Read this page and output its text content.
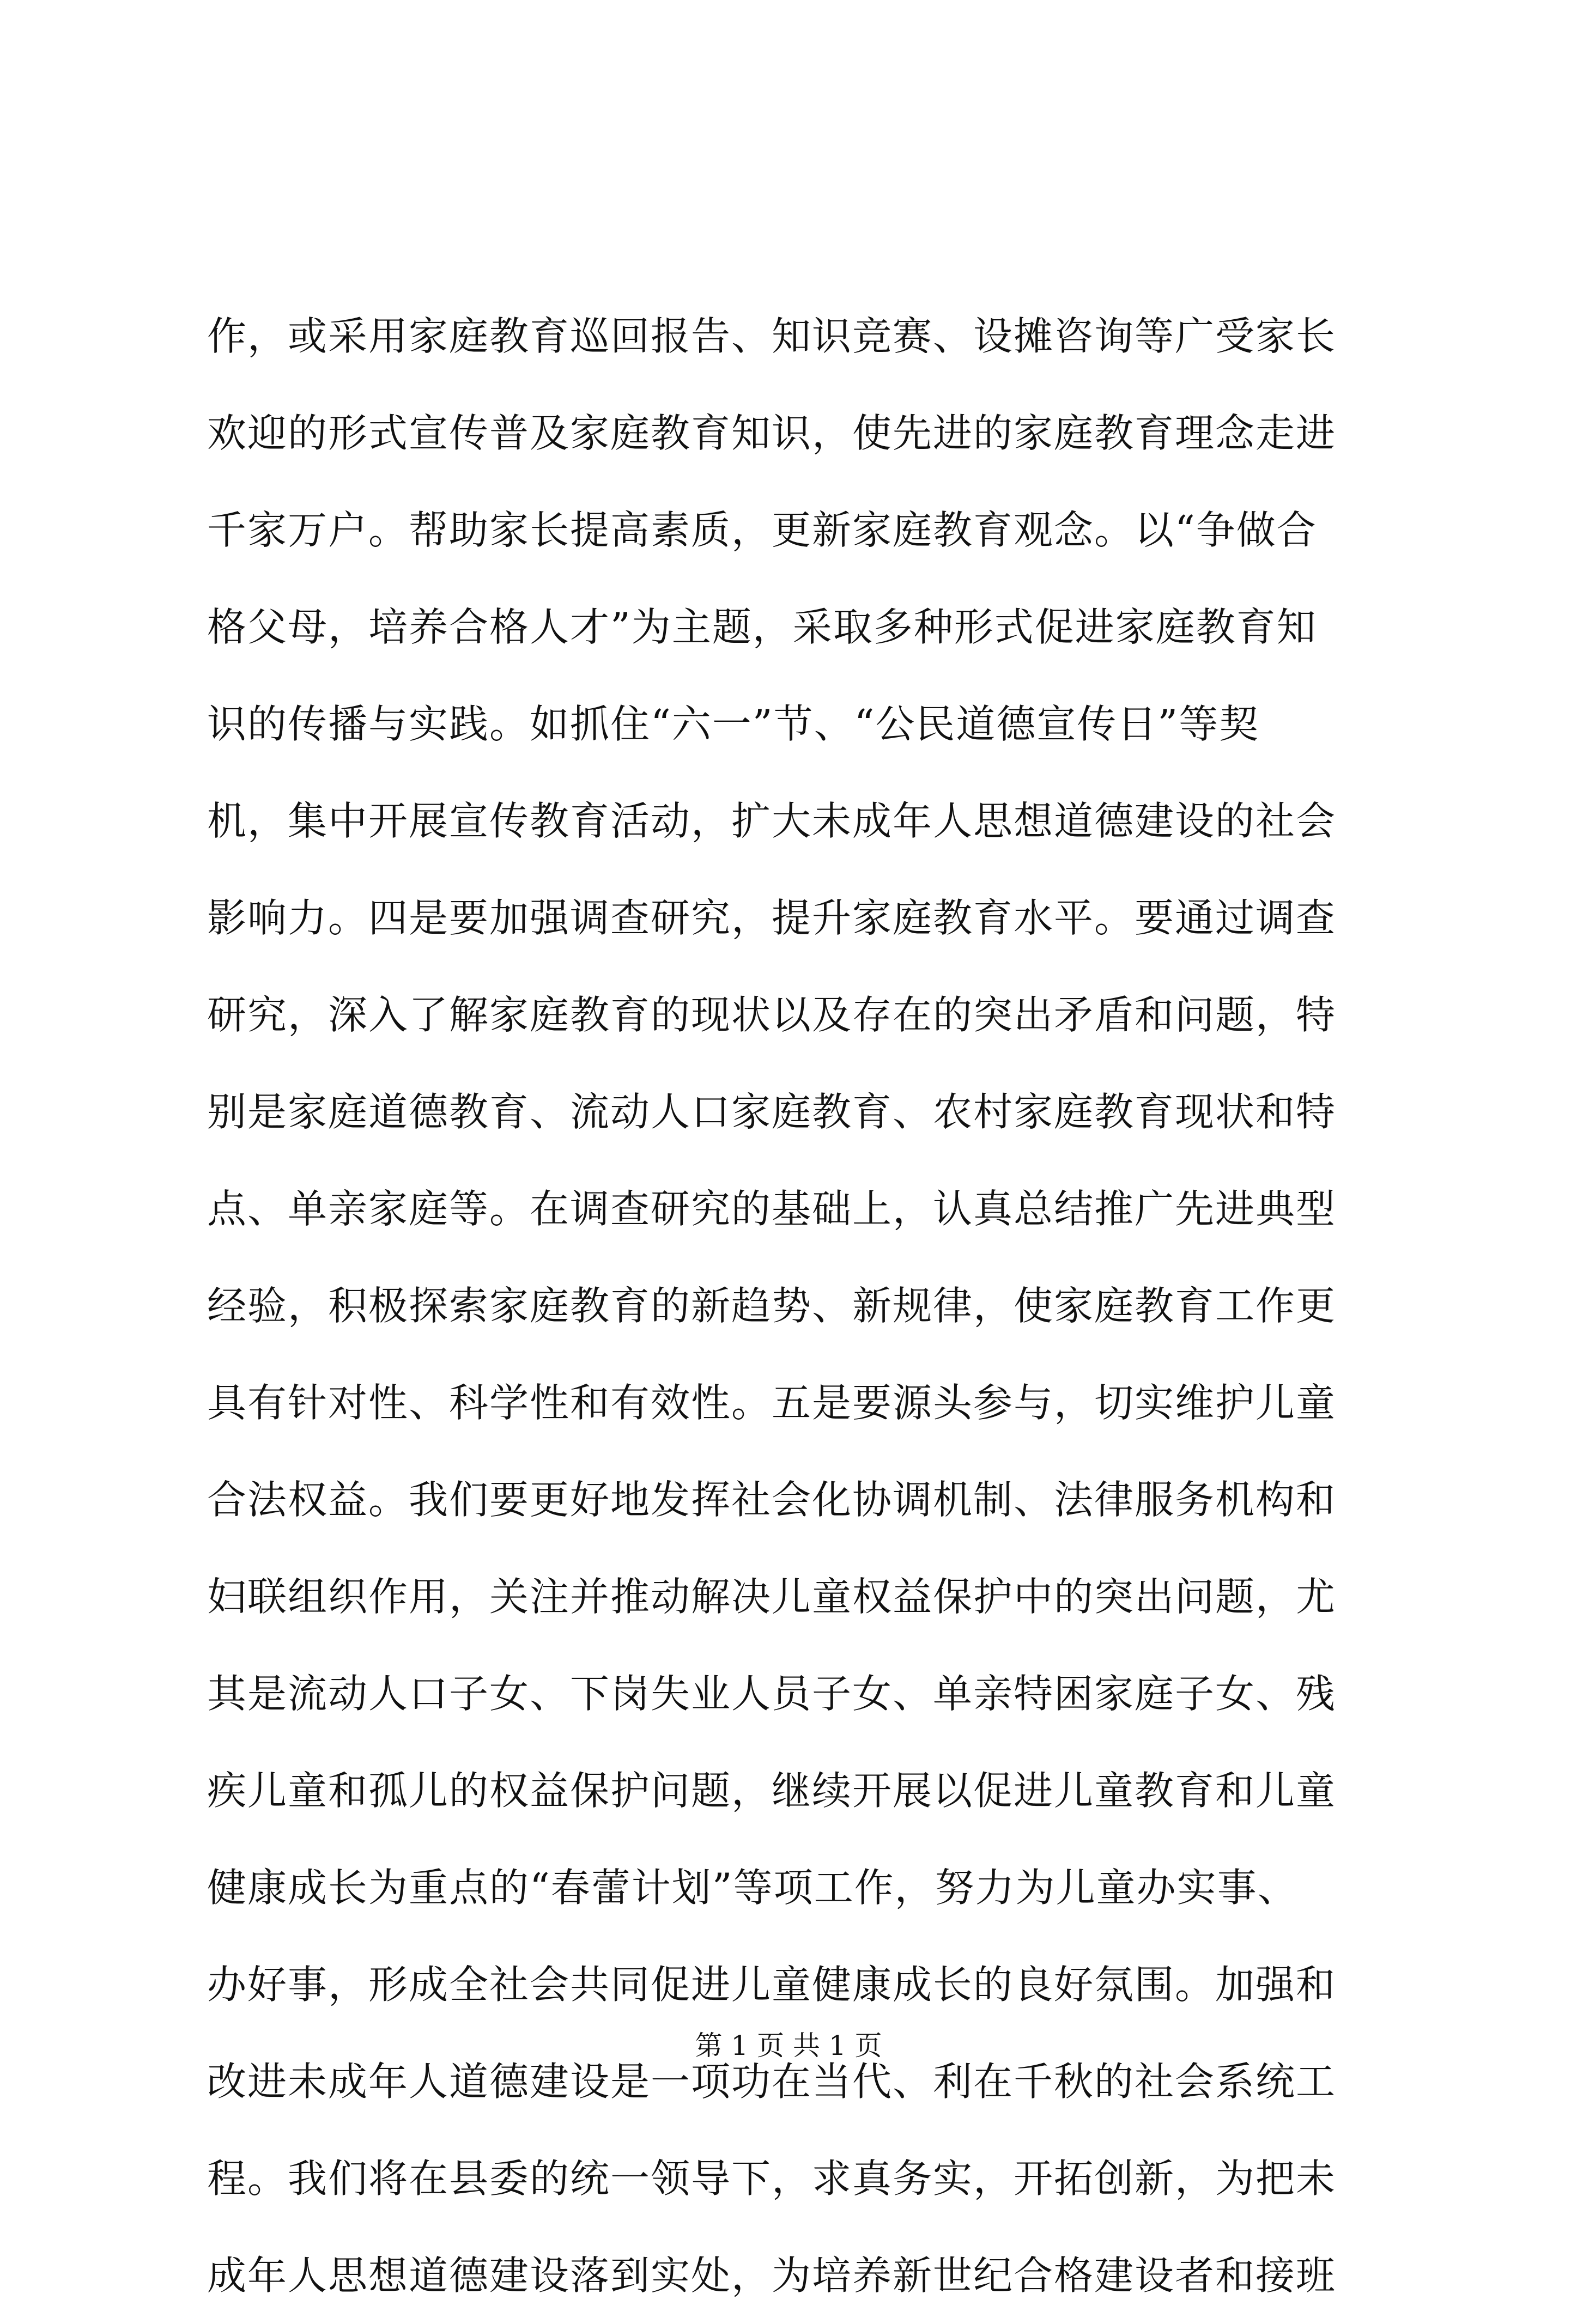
作，或采用家庭教育巡回报告、知识竞赛、设摊咨询等广受家长
欢迎的形式宣传普及家庭教育知识，使先进的家庭教育理念走进
千家万户。帮助家长提高素质，更新家庭教育观念。以“争做合
格父母，培养合格人才”为主题，采取多种形式促进家庭教育知
识的传播与实践。如抓住“六一”节、“公民道德宣传日”等契
机，集中开展宣传教育活动，扩大未成年人思想道德建设的社会
影响力。四是要加强调查研究，提升家庭教育水平。要通过调查
研究，深入了解家庭教育的现状以及存在的突出矛盾和问题，特
别是家庭道德教育、流动人口家庭教育、农村家庭教育现状和特
点、单亲家庭等。在调查研究的基础上，认真总结推广先进典型
经验，积极探索家庭教育的新趋势、新规律，使家庭教育工作更
具有针对性、科学性和有效性。五是要源头参与，切实维护儿童
合法权益。我们要更好地发挥社会化协调机制、法律服务机构和
妇联组织作用，关注并推动解决儿童权益保护中的突出问题，尤
其是流动人口子女、下岗失业人员子女、单亲特困家庭子女、残
疾儿童和孤儿的权益保护问题，继续开展以促进儿童教育和儿童
健康成长为重点的“春蕾计划”等项工作，努力为儿童办实事、
办好事，形成全社会共同促进儿童健康成长的良好氛围。加强和
改进未成年人道德建设是一项功在当代、利在千秋的社会系统工
程。我们将在县委的统一领导下，求真务实，开拓创新，为把未
成年人思想道德建设落到实处，为培养新世纪合格建设者和接班
第 1 页 共 1 页
